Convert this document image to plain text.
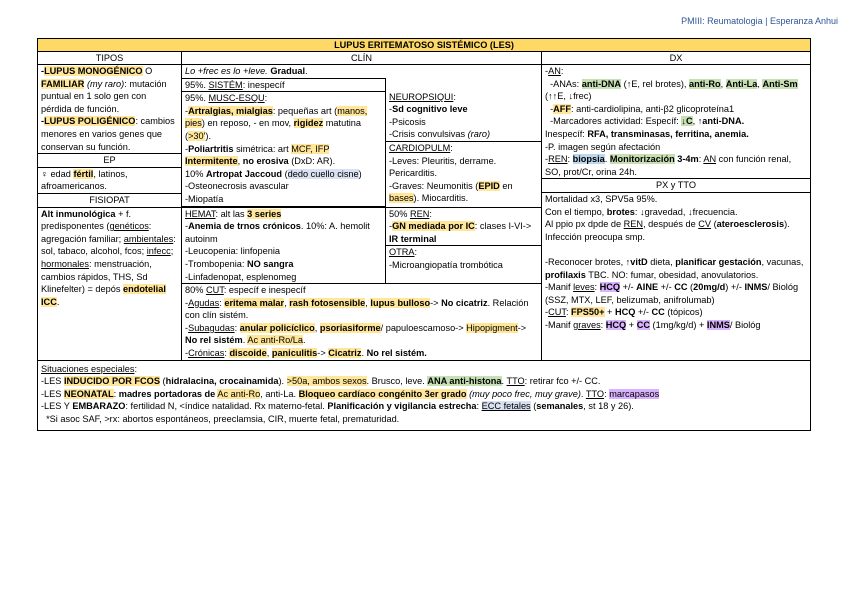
PMIII: Reumatologia | Esperanza Anhui
LUPUS ERITEMATOSO SISTÉMICO (LES)
TIPOS	CLÍN	DX
-LUPUS MONOGÉNICO O FAMILIAR (my raro): mutación puntual en 1 solo gen con pérdida de función.
-LUPUS POLIGÉNICO: cambios menores en varios genes que conservan su función.
EP
♀ edad fértil, latinos, afroamericanos.
FISIOPAT
Alt inmunológica + f. predisponentes (genéticos: agregación familiar; ambientales: sol, tabaco, alcohol, fcos; infecc; hormonales: menstruación, cambios rápidos, THS, Sd Klinefelter) = depós endotelial ICC.
Lo +frec es lo +leve. Gradual.
95%. SISTÉM: inespecíf
95%. MUSC-ESQU:
-Artralgias, mialgias: pequeñas art (manos, pies) en reposo, - en mov, rigidez matutina (>30').
-Poliartritis simétrica: art MCF, IFP Intermitente, no erosiva (DxD: AR).
10% Artropat Jaccoud (dedo cuello cisne)
-Osteonecrosis avascular
-Miopatía
NEUROPSIQUI:
-Sd cognitivo leve
-Psicosis
-Crisis convulsivas (raro)
CARDIOPULM:
-Leves: Pleuritis, derrame. Pericarditis.
-Graves: Neumonitis (EPID en bases). Miocarditis.
HEMAT: alt las 3 series
-Anemia de trnos crónicos. 10%: A. hemolit autoinm
-Leucopenia: linfopenia
-Trombopenia: NO sangra
-Linfadenopat, esplenomeg
50% REN:
-GN mediada por IC: clases I-VI-> IR terminal
OTRA:
-Microangiopatía trombótica
80% CUT: específ e inespecíf
-Agudas: eritema malar, rash fotosensible, lupus bulloso-> No cicatriz. Relación con clín sistém.
-Subagudas: anular policíclico, psoriasiforme/ papuloescamoso-> Hipopigment-> No rel sistém. Ac anti-Ro/La.
-Crónicas: discoide, paniculitis-> Cicatriz. No rel sistém.
-AN:
-ANAs: anti-DNA (↑E, rel brotes), anti-Ro, Anti-La, Anti-Sm (↑↑E, ↓frec)
-AFF: anti-cardiolipina, anti-β2 glicoproteína1
-Marcadores actividad: Específ: ↓C, ↑anti-DNA.
Inespecíf: RFA, transminasas, ferritina, anemia.
-P. imagen según afectación
-REN: biopsia. Monitorización 3-4m: AN con función renal, SO, prot/Cr, orina 24h.
PX y TTO
Mortalidad x3, SPV5a 95%.
Con el tiempo, brotes: ↓gravedad, ↓frecuencia.
Al ppio px dpde de REN, después de CV (ateroesclerosis). Infección preocupa smp.

-Reconocer brotes, ↑vitD dieta, planificar gestación, vacunas, profilaxis TBC. NO: fumar, obesidad, anovulatorios.
-Manif leves: HCQ +/- AINE +/- CC (20mg/d) +/- INMS/ Biológ (SSZ, MTX, LEF, belizumab, anifrolumab)
-CUT: FPS50+ + HCQ +/- CC (tópicos)
-Manif graves: HCQ + CC (1mg/kg/d) + INMS/ Biológ
Situaciones especiales:
-LES INDUCIDO POR FCOS (hidralacina, crocainamida). >50a, ambos sexos. Brusco, leve. ANA anti-histona. TTO: retirar fco +/- CC.
-LES NEONATAL: madres portadoras de Ac anti-Ro, anti-La. Bloqueo cardíaco congénito 3er grado (muy poco frec, muy grave). TTO: marcapasos
-LES Y EMBARAZO: fertilidad N, <índice natalidad. Rx materno-fetal. Planificación y vigilancia estrecha: ECC fetales (semanales, st 18 y 26).
*Si asoc SAF, >rx: abortos espontáneos, preeclamsia, CIR, muerte fetal, prematuridad.
